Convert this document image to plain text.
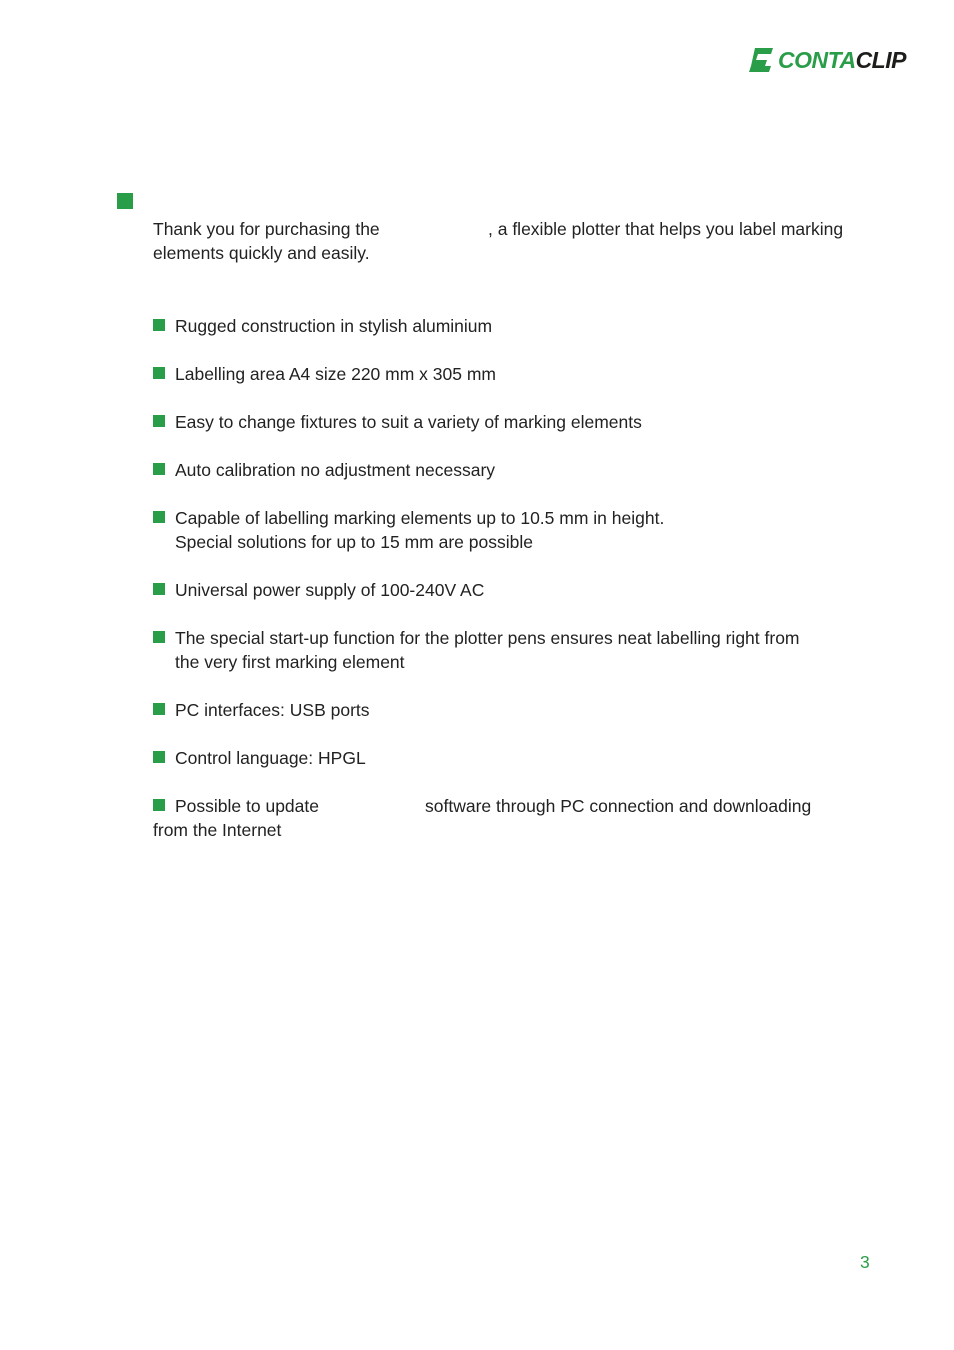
CONTACLIP
Thank you for purchasing the	, a flexible plotter that helps you label marking
elements quickly and easily.
Rugged construction in stylish aluminium
Labelling area A4 size 220 mm x 305 mm
Easy to change fixtures to suit a variety of marking elements
Auto calibration no adjustment necessary
Capable of labelling marking elements up to 10.5 mm in height.
Special solutions for up to 15 mm are possible
Universal power supply of 100-240V AC
The special start-up function for the plotter pens ensures neat labelling right from
the very first marking element
PC interfaces: USB ports
Control language: HPGL
Possible to update	software through PC connection and downloading
from the Internet
3
